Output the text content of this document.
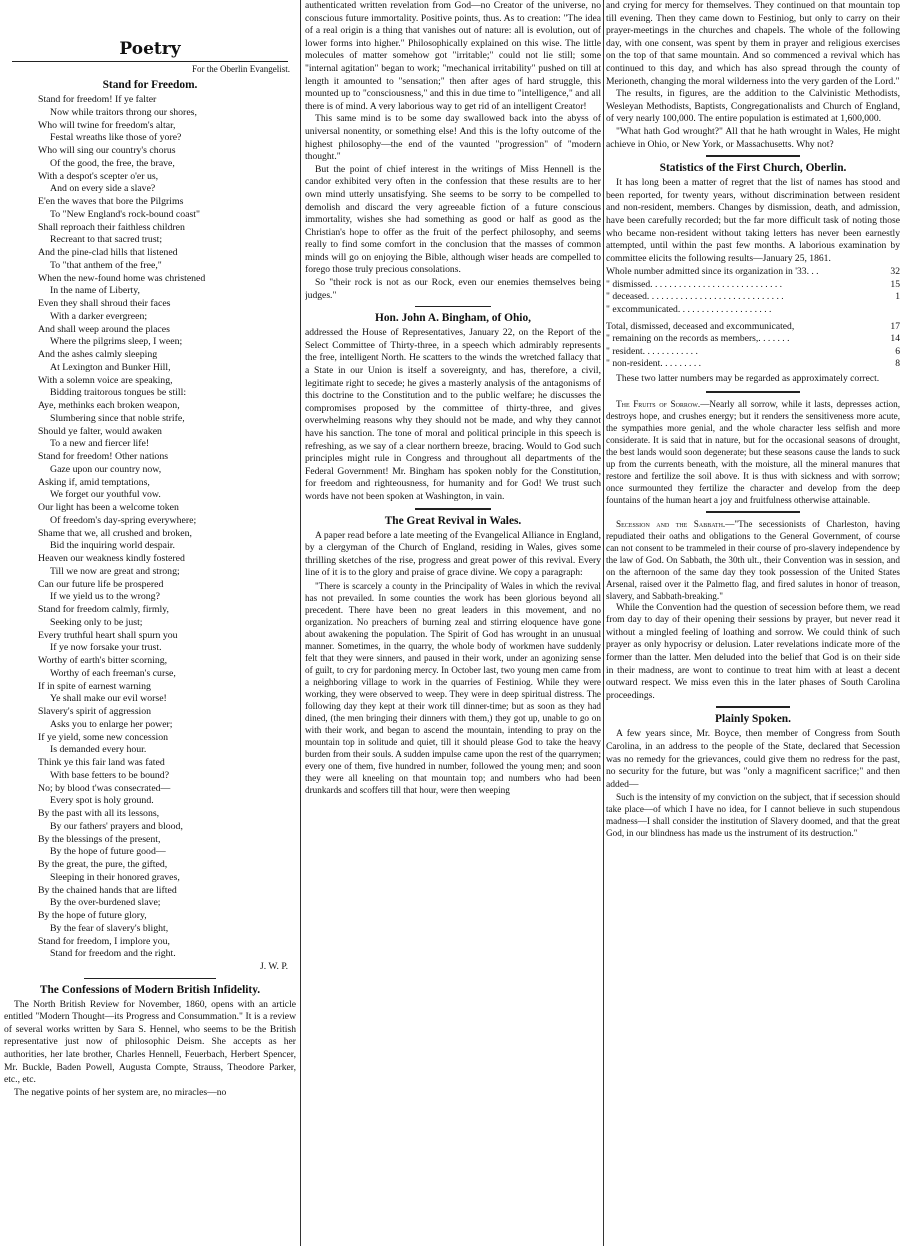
Poetry
For the Oberlin Evangelist.
Stand for Freedom.
Stand for freedom! If ye falter
Now while traitors throng our shores,
Who will twine for freedom's altar,
Festal wreaths like those of yore?
Who will sing our country's chorus
Of the good, the free, the brave,
With a despot's scepter o'er us,
And on every side a slave?
E'en the waves that bore the Pilgrims
To "New England's rock-bound coast"
Shall reproach their faithless children
Recreant to that sacred trust;
And the pine-clad hills that listened
To "that anthem of the free,"
When the new-found home was christened
In the name of Liberty,
Even they shall shroud their faces
With a darker evergreen;
And shall weep around the places
Where the pilgrims sleep, I ween;
And the ashes calmly sleeping
At Lexington and Bunker Hill,
With a solemn voice are speaking,
Bidding traitorous tongues be still:
Aye, methinks each broken weapon,
Slumbering since that noble strife,
Should ye falter, would awaken
To a new and fiercer life!
Stand for freedom! Other nations
Gaze upon our country now,
Asking if, amid temptations,
We forget our youthful vow.
Our light has been a welcome token
Of freedom's day-spring everywhere;
Shame that we, all crushed and broken,
Bid the inquiring world despair.
Heaven our weakness kindly fostered
Till we now are great and strong;
Can our future life be prospered
If we yield us to the wrong?
Stand for freedom calmly, firmly,
Seeking only to be just;
Every truthful heart shall spurn you
If ye now forsake your trust.
Worthy of earth's bitter scorning,
Worthy of each freeman's curse,
If in spite of earnest warning
Ye shall make our evil worse!
Slavery's spirit of aggression
Asks you to enlarge her power;
If ye yield, some new concession
Is demanded every hour.
Think ye this fair land was fated
With base fetters to be bound?
No; by blood t'was consecrated—
Every spot is holy ground.
By the past with all its lessons,
By our fathers' prayers and blood,
By the blessings of the present,
By the hope of future good—
By the great, the pure, the gifted,
Sleeping in their honored graves,
By the chained hands that are lifted
By the over-burdened slave;
By the hope of future glory,
By the fear of slavery's blight,
Stand for freedom, I implore you,
Stand for freedom and the right.
J. W. P.
The Confessions of Modern British Infidelity.

The North British Review for November, 1860, opens with an article entitled "Modern Thought—its Progress and Consummation." It is a review of several works written by Sara S. Hennel, who seems to be the British representative just now of philosophic Deism. She accepts as her authorities, her late brother, Charles Hennell, Feuerbach, Herbert Spencer, Mr. Buckle, Baden Powell, Augusta Compte, Strauss, Theodore Parker, etc., etc.

The negative points of her system are, no miracles—no

authenticated written revelation from God—no Creator of the universe, no conscious future immortality. Positive points, thus. As to creation: "The idea of a real origin is a thing that vanishes out of nature: all is evolution, out of lower forms into higher." Philosophically explained on this wise. The little molecules of matter somehow got "irritable;" could not lie still; some "internal agitation" began to work; "mechanical irritability" pushed on till at length it amounted to "sensation;" then after ages of hard struggle, this mounted up to "consciousness," and this in due time to "intelligence," and all there is of mind. A very laborious way to get rid of an intelligent Creator!

This same mind is to be some day swallowed back into the abyss of universal nonentity, or something else! And this is the lofty outcome of the highest philosophy—the end of the vaunted "progression" of "modern thought."

But the point of chief interest in the writings of Miss Hennell is the candor exhibited very often in the confession that these results are to her own mind utterly unsatisfying. She seems to be sorry to be compelled to demolish and discard the very agreeable fiction of a future conscious immortality, wishes she had something as good or half as good as the Christian's hope to offer as the fruit of the perfect philosophy, and seems really to find some comfort in the conclusion that the masses of common minds will go on enjoying the Bible, although wiser heads are compelled to forego those truly precious consolations.

So "their rock is not as our Rock, even our enemies themselves being judges."

Hon. John A. Bingham, of Ohio,

addressed the House of Representatives, January 22, on the Report of the Select Committee of Thirty-three, in a speech which admirably represents the free, intelligent North. He scatters to the winds the wretched fallacy that a State in our Union is itself a sovereignty, and has, therefore, a civil, legitimate right to secede; he gives a masterly analysis of the antagonisms of this doctrine to the Constitution and to the public welfare; he discusses the compromises proposed by the committee of thirty-three, and gives overwhelming reasons why they should not be made, and why they cannot have his sanction. The tone of moral and political principle in this speech is refreshing, as we say of a clear northern breeze, bracing. Would to God such principles might rule in Congress and throughout all departments of the Federal Government! Mr. Bingham has spoken nobly for the Constitution, for freedom and righteousness, for humanity and for God! We trust such words have not been spoken at Washington, in vain.

The Great Revival in Wales.

A paper read before a late meeting of the Evangelical Alliance in England, by a clergyman of the Church of England, residing in Wales, gives some thrilling sketches of the rise, progress and great power of this revival. Every line of it is to the glory and praise of grace divine. We copy a paragraph:

"There is scarcely a county in the Principality of Wales in which the revival has not prevailed. In some counties the work has been glorious beyond all precedent. There have been no great leaders in this movement, and no organization. No preachers of burning zeal and stirring eloquence have gone about awakening the population. The Spirit of God has wrought in an unusual manner. Sometimes, in the quarry, the whole body of workmen have suddenly felt that they were sinners, and paused in their work, under an agonizing sense of guilt, to cry for pardoning mercy. In October last, two young men came from a neighboring village to work in the quarries of Festiniog. While they were working, they were observed to weep. They were in deep spiritual distress. The following day they kept at their work till dinner-time; but as soon as they had dined, (the men bringing their dinners with them,) they got up, unable to go on with their work, and began to ascend the mountain, intending to pray on the mountain top in solitude and quiet, till it should please God to take the heavy burden from their souls. A sudden impulse came upon the rest of the quarrymen; every one of them, five hundred in number, followed the young men; and soon they were all kneeling on that mountain top; and numbers who had been drunkards and scoffers till that hour, were then weeping

and crying for mercy for themselves. They continued on that mountain top till evening. Then they came down to Festiniog, but only to carry on their prayer-meetings in the churches and chapels. The whole of the following day, with one consent, was spent by them in prayer and religious exercises on the top of that same mountain. And so commenced a revival which has continued to this day, and which has also spread through the county of Merioneth, changing the moral wilderness into the very garden of the Lord."

The results, in figures, are the addition to the Calvinistic Methodists, Wesleyan Methodists, Baptists, Congregationalists and Church of England, of very nearly 100,000. The entire population is estimated at 1,600,000.

"What hath God wrought?" All that he hath wrought in Wales, He might achieve in Ohio, or New York, or Massachusetts. Why not?

Statistics of the First Church, Oberlin.

It has long been a matter of regret that the list of names has stood and been reported, for twenty years, without discrimination between resident and non-resident, members. Changes by dismission, death, and admission, have been carefully recorded; but the far more difficult task of noting those who became non-resident without taking letters has never been earnestly attempted, until within the past few months. A laborious examination by committee elicits the following results—January 25, 1861.

Whole number admitted since its organization in '33. . .	32
" dismissed. . . . . . . . . . . . . . . . . . . . . . . . . . . .	15
" deceased. . . . . . . . . . . . . . . . . . . . . . . . . . . . .	1
" excommunicated. . . . . . . . . . . . . . . . . . . .
Total, dismissed, deceased and excommunicated,	17
" remaining on the records as members,. . . . . . .	14
" resident. . . . . . . . . . . .	6
" non-resident. . . . . . . . .	8

These two latter numbers may be regarded as approximately correct.

The Fruits of Sorrow.—Nearly all sorrow, while it lasts, depresses action, destroys hope, and crushes energy; but it renders the sensitiveness more acute, the sympathies more genial, and the whole character less selfish and more considerate. It is said that in nature, but for the occasional seasons of drought, the best lands would soon degenerate; but these seasons cause the lands to suck up from the currents beneath, with the moisture, all the mineral manures that restore and fertilize the soil above. It is thus with sickness and with sorrow; once surmounted they fertilize the character and develop from the deep fountains of the human heart a joy and fruitfulness otherwise attainable.

Secession and the Sabbath.—"The secessionists of Charleston, having repudiated their oaths and obligations to the General Government, of course can not consent to be trammeled in their course of pro-slavery independence by the law of God. On Sabbath, the 30th ult., their Convention was in session, and on the afternoon of the same day they took possession of the United States Arsenal, raised over it the Palmetto flag, and fired salutes in honor of treason, slavery, and Sabbath-breaking."

While the Convention had the question of secession before them, we read from day to day of their opening their sessions by prayer, but never read it without a mingled feeling of loathing and sorrow. We could think of such prayer as only hypocrisy or delusion. Later revelations indicate more of the former than the latter. Men deluded into the belief that God is on their side in their madness, are wont to continue to treat him with at least a decent outward respect. We miss even this in the later phases of South Carolina proceedings.

Plainly Spoken.

A few years since, Mr. Boyce, then member of Congress from South Carolina, in an address to the people of the State, declared that Secession was no remedy for the grievances, could give them no redress for the past, no security for the future, but was "only a magnificent sacrifice;" and then added—

Such is the intensity of my conviction on the subject, that if secession should take place—of which I have no idea, for I cannot believe in such stupendous madness—I shall consider the institution of Slavery doomed, and that the great God, in our blindness has made us the instrument of its destruction."
